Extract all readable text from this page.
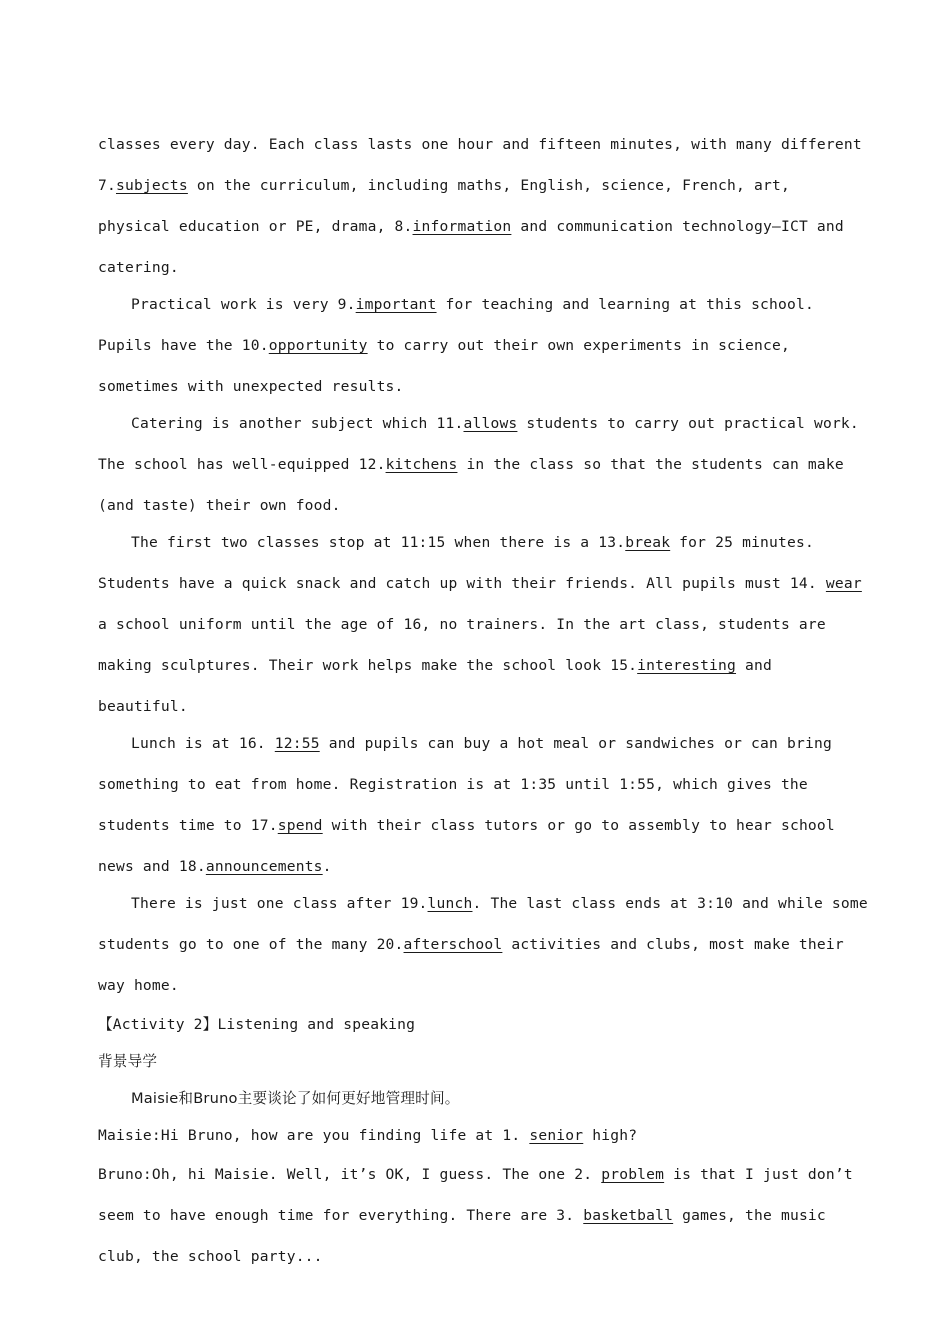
classes every day. Each class lasts one hour and fifteen minutes, with many different 7.subjects on the curriculum, including maths, English, science, French, art, physical education or PE, drama, 8.information and communication technology—ICT and catering.

Practical work is very 9.important for teaching and learning at this school. Pupils have the 10.opportunity to carry out their own experiments in science, sometimes with unexpected results.

Catering is another subject which 11.allows students to carry out practical work. The school has well-equipped 12.kitchens in the class so that the students can make (and taste) their own food.

The first two classes stop at 11:15 when there is a 13.break for 25 minutes. Students have a quick snack and catch up with their friends. All pupils must 14. wear a school uniform until the age of 16, no trainers. In the art class, students are making sculptures. Their work helps make the school look 15.interesting and beautiful.

Lunch is at 16. 12:55 and pupils can buy a hot meal or sandwiches or can bring something to eat from home. Registration is at 1:35 until 1:55, which gives the students time to 17.spend with their class tutors or go to assembly to hear school news and 18.announcements.

There is just one class after 19.lunch. The last class ends at 3:10 and while some students go to one of the many 20.afterschool activities and clubs, most make their way home.

【Activity 2】Listening and speaking

背景导学

Maisie和Bruno主要谈论了如何更好地管理时间。

Maisie:Hi Bruno, how are you finding life at 1. senior high?

Bruno:Oh, hi Maisie. Well, it’s OK, I guess. The one 2. problem is that I just don’t seem to have enough time for everything. There are 3. basketball games, the music club, the school party...
